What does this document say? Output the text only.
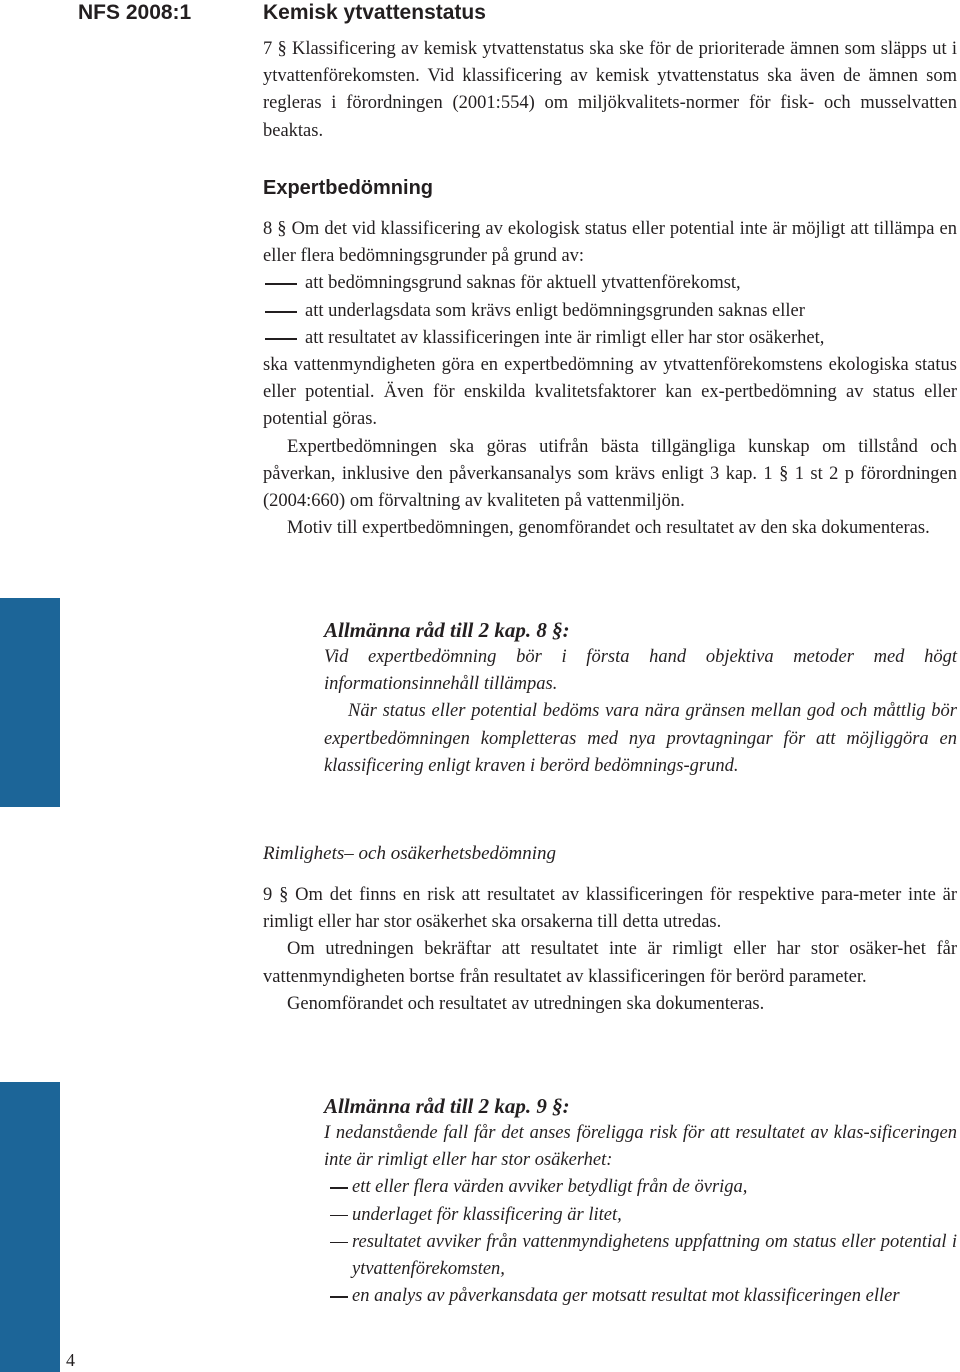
NFS 2008:1	Kemisk ytvattenstatus

7 § Klassificering av kemisk ytvattenstatus ska ske för de prioriterade ämnen som släpps ut i ytvattenförekomsten. Vid klassificering av kemisk ytvattenstatus ska även de ämnen som regleras i förordningen (2001:554) om miljökvalitets-normer för fisk- och musselvatten beaktas.

Expertbedömning

8 § Om det vid klassificering av ekologisk status eller potential inte är möjligt att tillämpa en eller flera bedömningsgrunder på grund av:

att bedömningsgrund saknas för aktuell ytvattenförekomst,

att underlagsdata som krävs enligt bedömningsgrunden saknas eller

att resultatet av klassificeringen inte är rimligt eller har stor osäkerhet,

ska vattenmyndigheten göra en expertbedömning av ytvattenförekomstens ekologiska status eller potential. Även för enskilda kvalitetsfaktorer kan ex-pertbedömning av status eller potential göras.

Expertbedömningen ska göras utifrån bästa tillgängliga kunskap om tillstånd och påverkan, inklusive den påverkansanalys som krävs enligt 3 kap. 1 § 1 st 2 p förordningen (2004:660) om förvaltning av kvaliteten på vattenmiljön.

Motiv till expertbedömningen, genomförandet och resultatet av den ska dokumenteras.

Allmänna råd till 2 kap. 8 §:

Vid expertbedömning bör i första hand objektiva metoder med högt informationsinnehåll tillämpas.

När status eller potential bedöms vara nära gränsen mellan god och måttlig bör expertbedömningen kompletteras med nya provtagningar för att möjliggöra en klassificering enligt kraven i berörd bedömnings-grund.

Rimlighets– och osäkerhetsbedömning

9 § Om det finns en risk att resultatet av klassificeringen för respektive para-meter inte är rimligt eller har stor osäkerhet ska orsakerna till detta utredas.

Om utredningen bekräftar att resultatet inte är rimligt eller har stor osäker-het får vattenmyndigheten bortse från resultatet av klassificeringen för berörd parameter.

Genomförandet och resultatet av utredningen ska dokumenteras.

Allmänna råd till 2 kap. 9 §:

I nedanstående fall får det anses föreligga risk för att resultatet av klas-sificeringen inte är rimligt eller har stor osäkerhet:

ett eller flera värden avviker betydligt från de övriga,

underlaget för klassificering är litet,

resultatet avviker från vattenmyndighetens uppfattning om status eller potential i ytvattenförekomsten,

en analys av påverkansdata ger motsatt resultat mot klassificeringen eller

4
